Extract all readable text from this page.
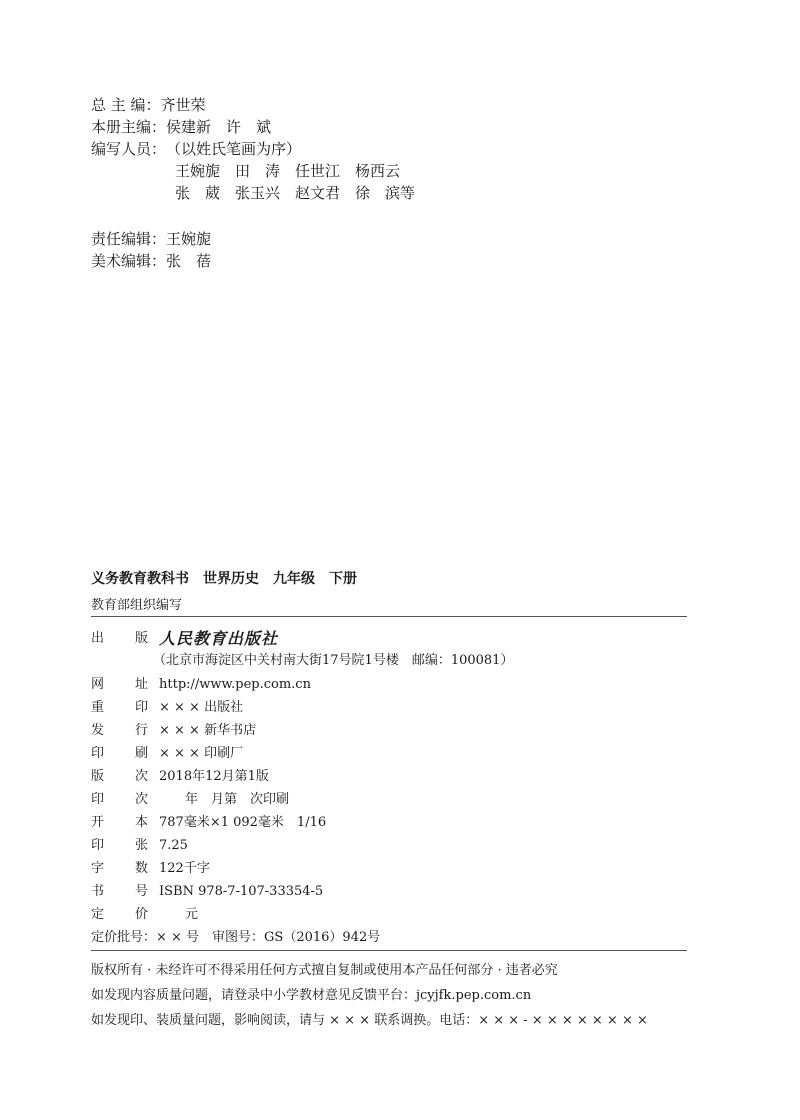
总 主 编：齐世荣
本册主编：侯建新　许　斌
编写人员：（以姓氏笔画为序）
王婉旎　田　涛　任世江　杨西云
张　葳　张玉兴　赵文君　徐　滨等
责任编辑：王婉旎
美术编辑：张　蓓
义务教育教科书　世界历史　九年级　下册
教育部组织编写
出 版 人民教育出版社
（北京市海淀区中关村南大街17号院1号楼　邮编：100081）
网 址 http://www.pep.com.cn
重 印 × × × 出版社
发 行 × × × 新华书店
印 刷 × × × 印刷厂
版 次 2018年12月第1版
印 次 　　年　月第　次印刷
开 本 787毫米×1 092毫米　1/16
印 张 7.25
字 数 122千字
书 号 ISBN 978-7-107-33354-5
定 价 　　元
定价批号：× × 号　审图号：GS（2016）942号
版权所有 · 未经许可不得采用任何方式擅自复制或使用本产品任何部分 · 违者必究
如发现内容质量问题，请登录中小学教材意见反馈平台：jcyjfk.pep.com.cn
如发现印、装质量问题，影响阅读，请与 × × × 联系调换。电话：× × × - × × × × × × × ×
